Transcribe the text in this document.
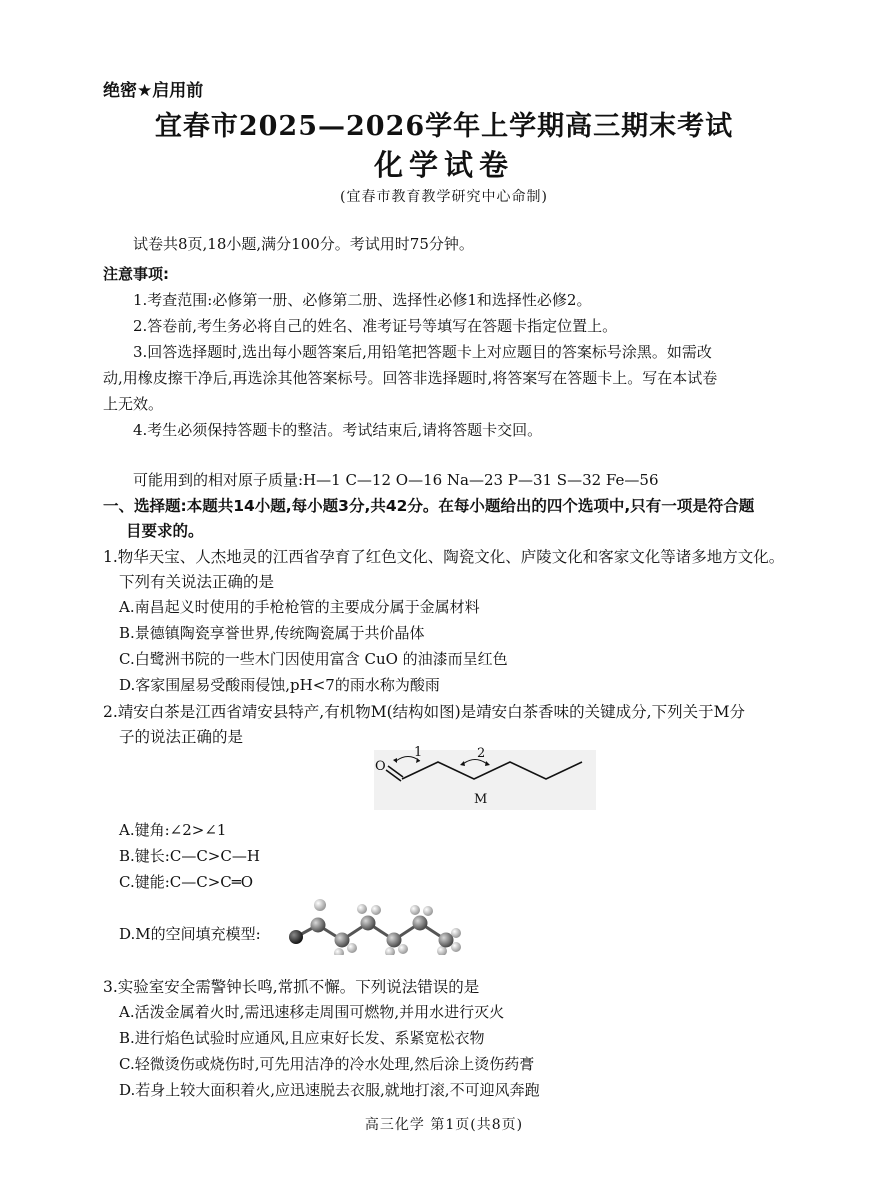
绝密★启用前
宜春市2025—2026学年上学期高三期末考试
化学试卷
(宜春市教育教学研究中心命制)
试卷共8页,18小题,满分100分。考试用时75分钟。
注意事项:
1.考查范围:必修第一册、必修第二册、选择性必修1和选择性必修2。
2.答卷前,考生务必将自己的姓名、准考证号等填写在答题卡指定位置上。
3.回答选择题时,选出每小题答案后,用铅笔把答题卡上对应题目的答案标号涂黑。如需改
动,用橡皮擦干净后,再选涂其他答案标号。回答非选择题时,将答案写在答题卡上。写在本试卷
上无效。
4.考生必须保持答题卡的整洁。考试结束后,请将答题卡交回。
可能用到的相对原子质量:H—1 C—12 O—16 Na—23 P—31 S—32 Fe—56
一、选择题:本题共14小题,每小题3分,共42分。在每小题给出的四个选项中,只有一项是符合题
目要求的。
1.物华天宝、人杰地灵的江西省孕育了红色文化、陶瓷文化、庐陵文化和客家文化等诸多地方文化。
下列有关说法正确的是
A.南昌起义时使用的手枪枪管的主要成分属于金属材料
B.景德镇陶瓷享誉世界,传统陶瓷属于共价晶体
C.白鹭洲书院的一些木门因使用富含 CuO 的油漆而呈红色
D.客家围屋易受酸雨侵蚀,pH<7的雨水称为酸雨
2.靖安白茶是江西省靖安县特产,有机物M(结构如图)是靖安白茶香味的关键成分,下列关于M分
子的说法正确的是
O
1	2
M
A.键角:∠2>∠1
B.键长:C—C>C—H
C.键能:C—C>C═O
D.M的空间填充模型:
3.实验室安全需警钟长鸣,常抓不懈。下列说法错误的是
A.活泼金属着火时,需迅速移走周围可燃物,并用水进行灭火
B.进行焰色试验时应通风,且应束好长发、系紧宽松衣物
C.轻微烫伤或烧伤时,可先用洁净的冷水处理,然后涂上烫伤药膏
D.若身上较大面积着火,应迅速脱去衣服,就地打滚,不可迎风奔跑
高三化学 第1页(共8页)
